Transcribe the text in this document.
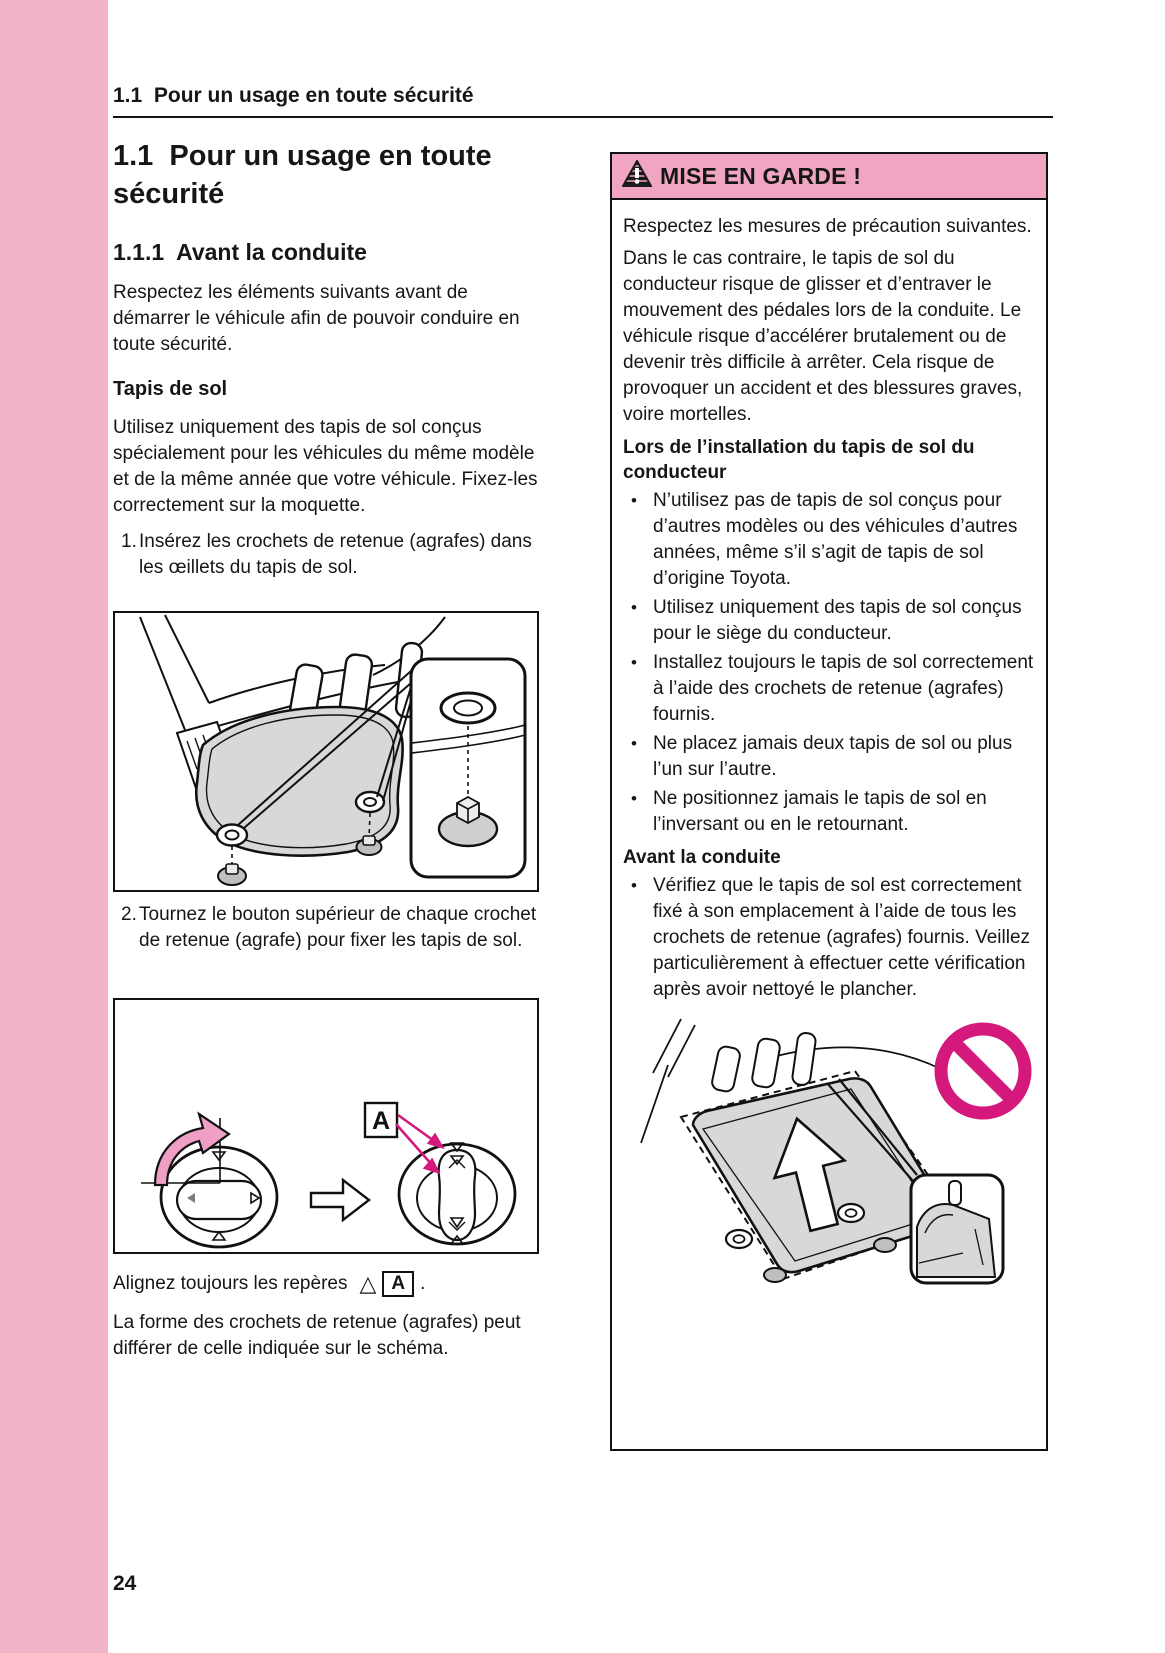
1.1  Pour un usage en toute sécurité
1.1  Pour un usage en toute sécurité
1.1.1  Avant la conduite
Respectez les éléments suivants avant de démarrer le véhicule afin de pouvoir conduire en toute sécurité.
Tapis de sol
Utilisez uniquement des tapis de sol conçus spécialement pour les véhicules du même modèle et de la même année que votre véhicule. Fixez-les correctement sur la moquette.
1. Insérez les crochets de retenue (agrafes) dans les œillets du tapis de sol.
2. Tournez le bouton supérieur de chaque crochet de retenue (agrafe) pour fixer les tapis de sol.
A
Alignez toujours les repères △ A .
La forme des crochets de retenue (agrafes) peut différer de celle indiquée sur le schéma.
MISE EN GARDE !
Respectez les mesures de précaution suivantes.
Dans le cas contraire, le tapis de sol du conducteur risque de glisser et d’entraver le mouvement des pédales lors de la conduite. Le véhicule risque d’accélérer brutalement ou de devenir très difficile à arrêter. Cela risque de provoquer un accident et des blessures graves, voire mortelles.
Lors de l’installation du tapis de sol du conducteur
• N’utilisez pas de tapis de sol conçus pour d’autres modèles ou des véhicules d’autres années, même s’il s’agit de tapis de sol d’origine Toyota.
• Utilisez uniquement des tapis de sol conçus pour le siège du conducteur.
• Installez toujours le tapis de sol correctement à l’aide des crochets de retenue (agrafes) fournis.
• Ne placez jamais deux tapis de sol ou plus l’un sur l’autre.
• Ne positionnez jamais le tapis de sol en l’inversant ou en le retournant.
Avant la conduite
• Vérifiez que le tapis de sol est correctement fixé à son emplacement à l’aide de tous les crochets de retenue (agrafes) fournis. Veillez particulièrement à effectuer cette vérification après avoir nettoyé le plancher.
24
